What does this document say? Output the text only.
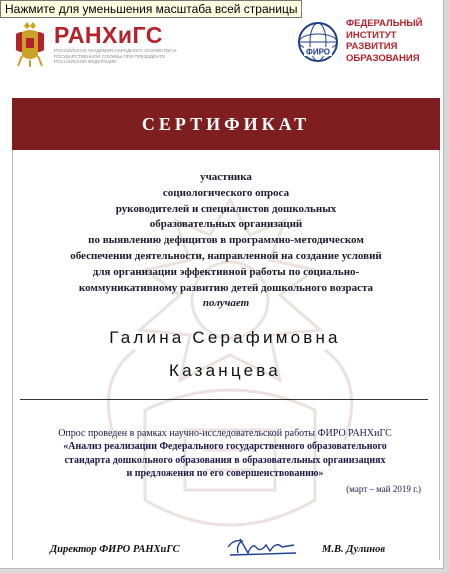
РАНХиГС
РОССИЙСКАЯ АКАДЕМИЯ НАРОДНОГО ХОЗЯЙСТВА И ГОСУДАРСТВЕННОЙ СЛУЖБЫ ПРИ ПРЕЗИДЕНТЕ РОССИЙСКОЙ ФЕДЕРАЦИИ
ФИРО
ФЕДЕРАЛЬНЫЙ
ИНСТИТУТ
РАЗВИТИЯ
ОБРАЗОВАНИЯ
СЕРТИФИКАТ
участника
социологического опроса
руководителей и специалистов дошкольных
образовательных организаций
по выявлению дефицитов в программно-методическом
обеспечении деятельности, направленной на создание условий
для организации эффективной работы по социально-
коммуникативному развитию детей дошкольного возраста
получает
Галина Серафимовна
Казанцева
Опрос проведен в рамках научно-исследовательской работы ФИРО РАНХиГС
«Анализ реализации Федерального государственного образовательного
стандарта дошкольного образования в образовательных организациях
и предложения по его совершенствованию»
(март – май 2019 г.)
Директор ФИРО РАНХиГС	М.В. Дулинов
Нажмите для уменьшения масштаба всей страницы
